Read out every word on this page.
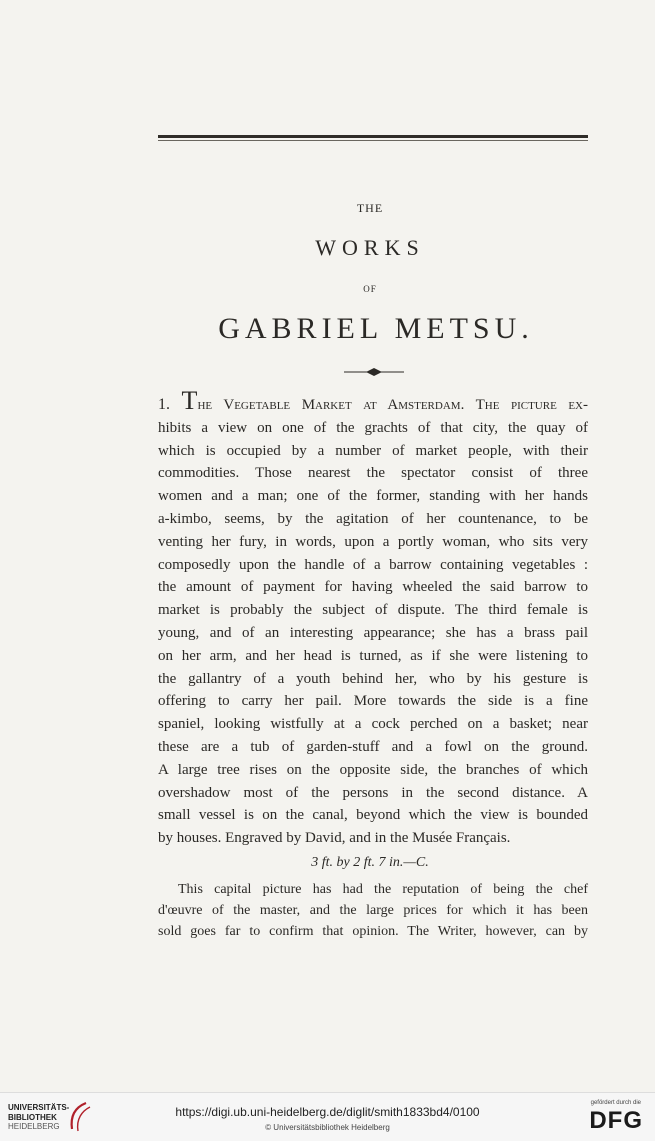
THE
WORKS
OF
GABRIEL METSU.
1. The Vegetable Market at Amsterdam. The picture ex-
hibits a view on one of the grachts of that city, the quay of
which is occupied by a number of market people, with their
commodities. Those nearest the spectator consist of three
women and a man; one of the former, standing with her hands
a-kimbo, seems, by the agitation of her countenance, to be
venting her fury, in words, upon a portly woman, who sits very
composedly upon the handle of a barrow containing vegetables :
the amount of payment for having wheeled the said barrow to
market is probably the subject of dispute. The third female is
young, and of an interesting appearance; she has a brass pail
on her arm, and her head is turned, as if she were listening to
the gallantry of a youth behind her, who by his gesture is
offering to carry her pail. More towards the side is a fine
spaniel, looking wistfully at a cock perched on a basket; near
these are a tub of garden-stuff and a fowl on the ground.
A large tree rises on the opposite side, the branches of which
overshadow most of the persons in the second distance. A
small vessel is on the canal, beyond which the view is bounded
by houses. Engraved by David, and in the Musée Français.
3 ft. by 2 ft. 7 in.—C.
This capital picture has had the reputation of being the chef
d'œuvre of the master, and the large prices for which it has been
sold goes far to confirm that opinion. The Writer, however, can by
UNIVERSITÄTS-
BIBLIOTHEK
HEIDELBERG
https://digi.ub.uni-heidelberg.de/diglit/smith1833bd4/0100
© Universitätsbibliothek Heidelberg
gefördert durch die
DFG
